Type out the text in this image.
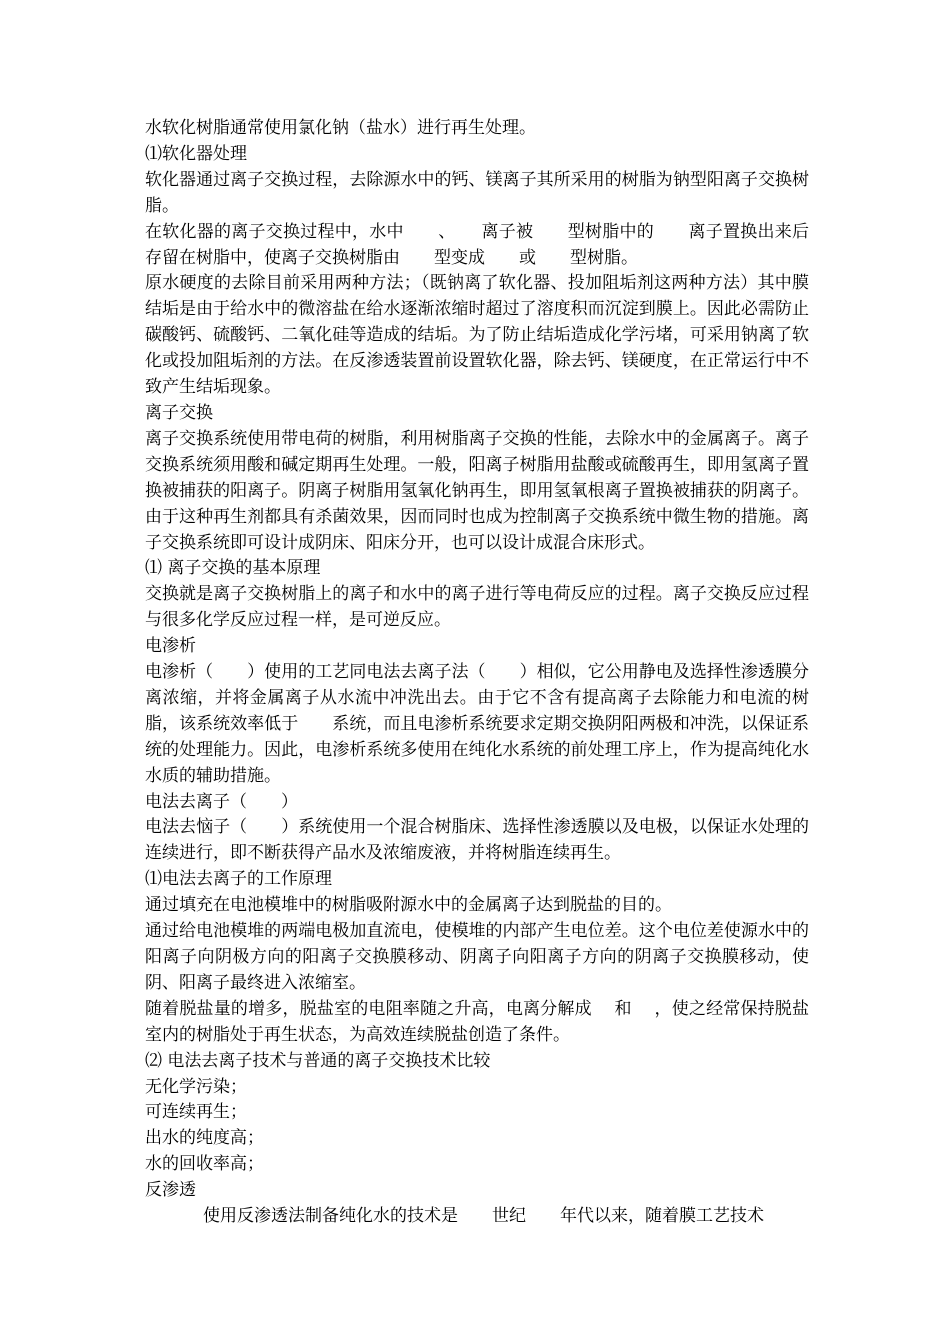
水软化树脂通常使用氯化钠（盐水）进行再生处理。

⑴软化器处理

软化器通过离子交换过程，去除源水中的钙、镁离子其所采用的树脂为钠型阳离子交换树脂。

在软化器的离子交换过程中，水中　　、　　离子被　　型树脂中的　　离子置换出来后存留在树脂中，使离子交换树脂由　　型变成　　或　　型树脂。

原水硬度的去除目前采用两种方法；（既钠离了软化器、投加阻垢剂这两种方法）其中膜结垢是由于给水中的微溶盐在给水逐渐浓缩时超过了溶度积而沉淀到膜上。因此必需防止碳酸钙、硫酸钙、二氧化硅等造成的结垢。为了防止结垢造成化学污堵，可采用钠离了软化或投加阻垢剂的方法。在反渗透装置前设置软化器，除去钙、镁硬度，在正常运行中不致产生结垢现象。

离子交换

离子交换系统使用带电荷的树脂，利用树脂离子交换的性能，去除水中的金属离子。离子交换系统须用酸和碱定期再生处理。一般，阳离子树脂用盐酸或硫酸再生，即用氢离子置换被捕获的阳离子。阴离子树脂用氢氧化钠再生，即用氢氧根离子置换被捕获的阴离子。由于这种再生剂都具有杀菌效果，因而同时也成为控制离子交换系统中微生物的措施。离子交换系统即可设计成阴床、阳床分开，也可以设计成混合床形式。

⑴ 离子交换的基本原理

交换就是离子交换树脂上的离子和水中的离子进行等电荷反应的过程。离子交换反应过程与很多化学反应过程一样，是可逆反应。

电渗析

电渗析（　　）使用的工艺同电法去离子法（　　）相似，它公用静电及选择性渗透膜分离浓缩，并将金属离子从水流中冲洗出去。由于它不含有提高离子去除能力和电流的树脂，该系统效率低于　　系统，而且电渗析系统要求定期交换阴阳两极和冲洗，以保证系统的处理能力。因此，电渗析系统多使用在纯化水系统的前处理工序上，作为提高纯化水水质的辅助措施。

电法去离子（　　）

电法去恼子（　　）系统使用一个混合树脂床、选择性渗透膜以及电极，以保证水处理的连续进行，即不断获得产品水及浓缩废液，并将树脂连续再生。

⑴电法去离子的工作原理

通过填充在电池模堆中的树脂吸附源水中的金属离子达到脱盐的目的。

通过给电池模堆的两端电极加直流电，使模堆的内部产生电位差。这个电位差使源水中的阳离子向阴极方向的阳离子交换膜移动、阴离子向阳离子方向的阴离子交换膜移动，使阴、阳离子最终进入浓缩室。

随着脱盐量的增多，脱盐室的电阻率随之升高，电离分解成　 和　 ，使之经常保持脱盐室内的树脂处于再生状态，为高效连续脱盐创造了条件。

⑵ 电法去离子技术与普通的离子交换技术比较

无化学污染；

可连续再生；

出水的纯度高；

水的回收率高；

反渗透

使用反渗透法制备纯化水的技术是　　世纪　　年代以来，随着膜工艺技术
